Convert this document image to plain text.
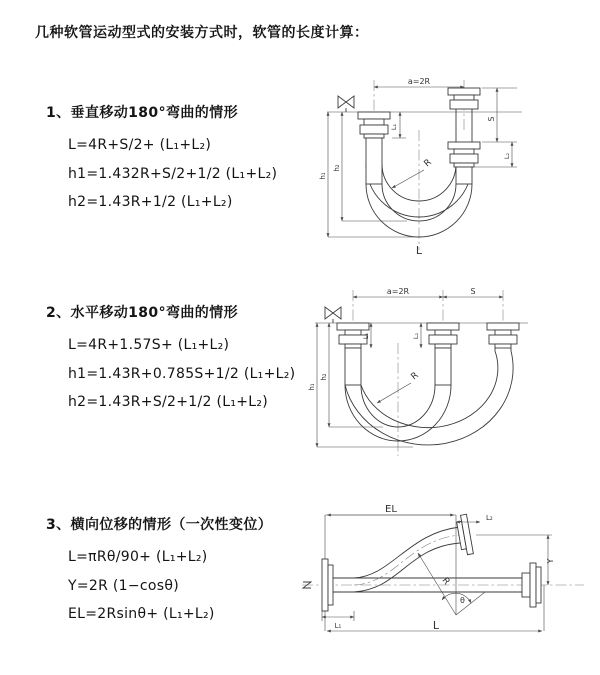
几种软管运动型式的安装方式时，软管的长度计算：
1、垂直移动180°弯曲的情形
L=4R+S/2+ (L₁+L₂)
h1=1.432R+S/2+1/2 (L₁+L₂)
h2=1.43R+1/2 (L₁+L₂)
2、水平移动180°弯曲的情形
L=4R+1.57S+ (L₁+L₂)
h1=1.43R+0.785S+1/2 (L₁+L₂)
h2=1.43R+S/2+1/2 (L₁+L₂)
3、横向位移的情形（一次性变位）
L=πRθ/90+ (L₁+L₂)
Y=2R (1−cosθ)
EL=2Rsinθ+ (L₁+L₂)
a=2R
S
L₁
L₂
h₁
h₂	R
L
a=2R	S
L₁	L₂
h₁
h₂	R
EL
L₂
Y
R
θ
L
L₁
